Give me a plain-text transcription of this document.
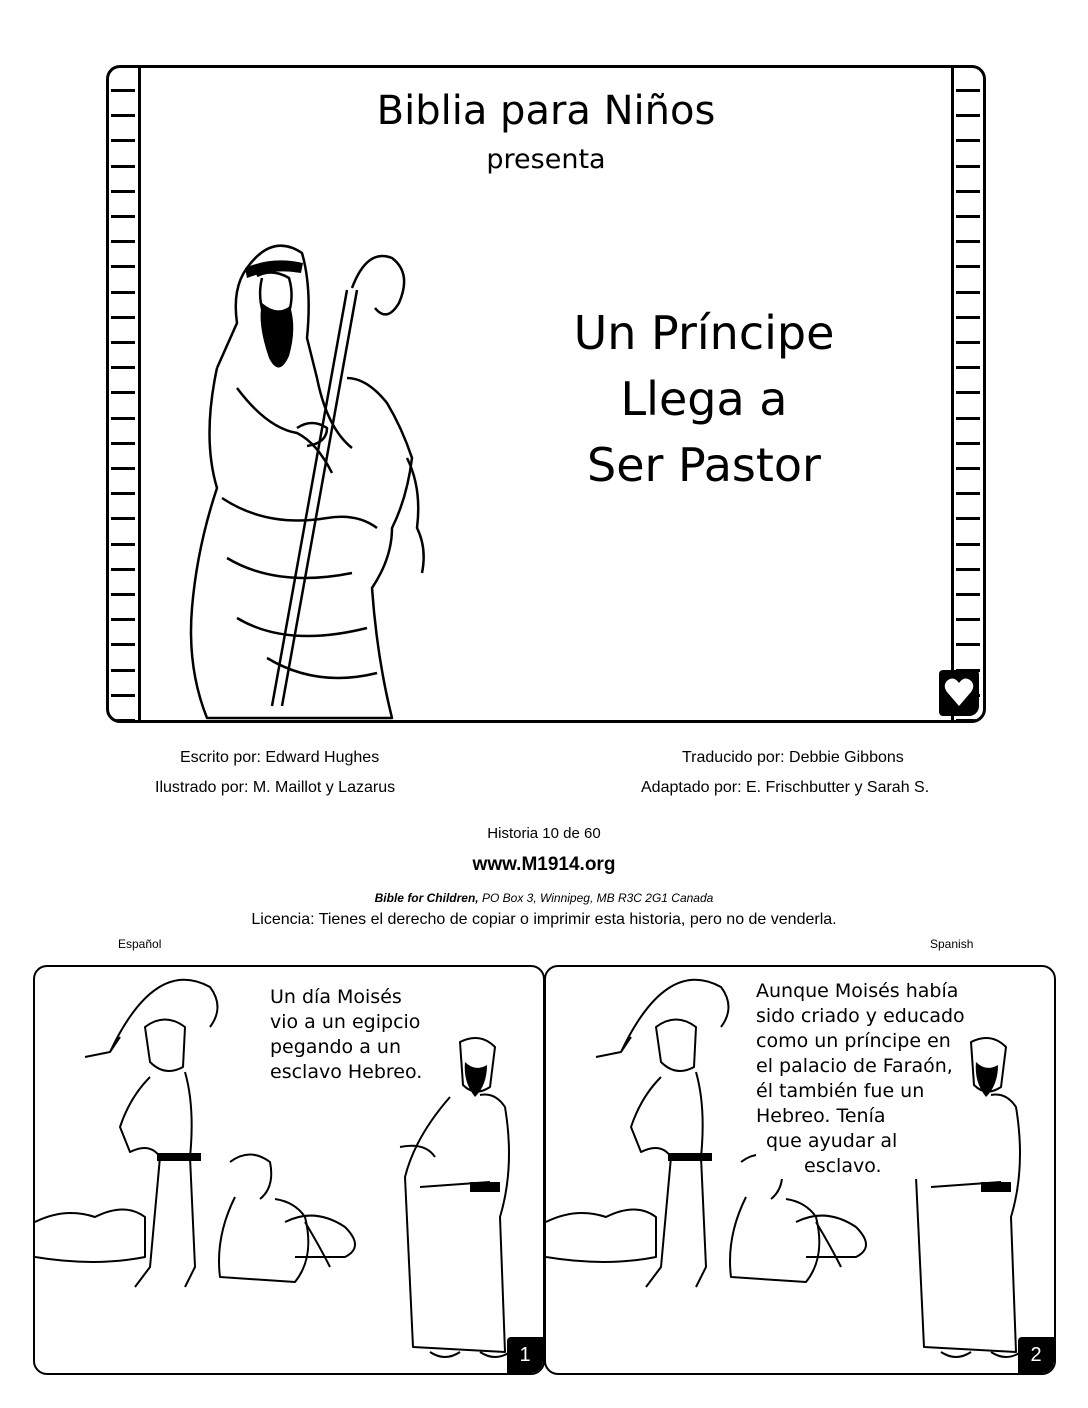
Biblia para Niños
presenta
Un Príncipe
Llega a
Ser Pastor
Escrito por: Edward Hughes
Ilustrado por: M. Maillot y Lazarus
Traducido por: Debbie Gibbons
Adaptado por: E. Frischbutter y Sarah S.
Historia 10 de 60
www.M1914.org
Bible for Children, PO Box 3, Winnipeg, MB R3C 2G1 Canada
Licencia: Tienes el derecho de copiar o imprimir esta historia, pero no de venderla.
Español	Spanish
Un día Moisés
vio a un egipcio
pegando a un
esclavo Hebreo.
1
Aunque Moisés había
sido criado y educado
como un príncipe en
el palacio de Faraón,
él también fue un
Hebreo. Tenía
que ayudar al
esclavo.
2
